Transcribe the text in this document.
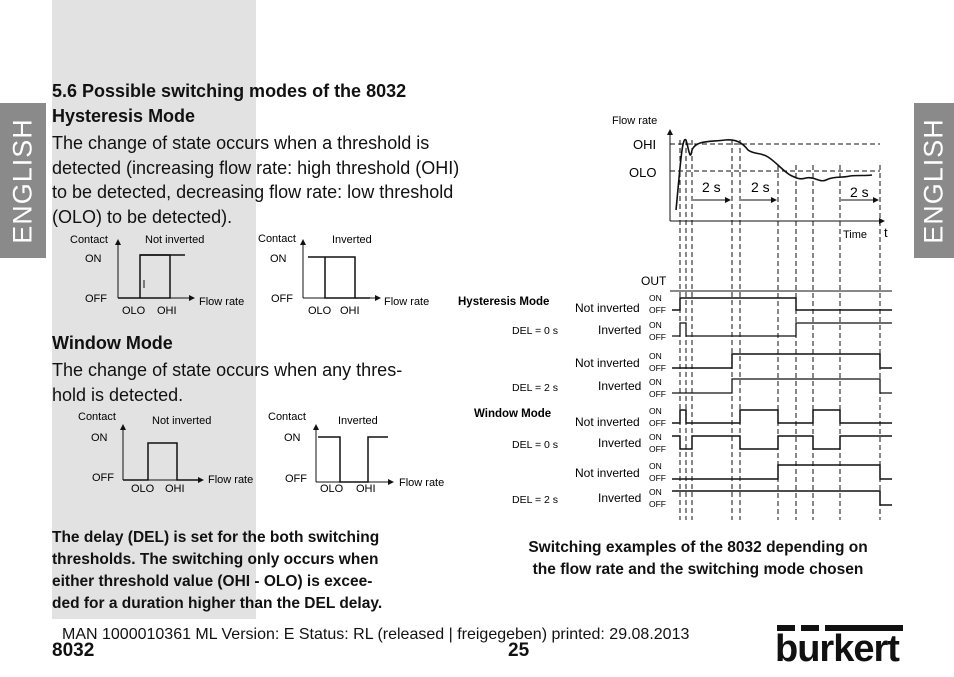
ENGLISH	ENGLISH
5.6 Possible switching modes of the 8032
Hysteresis Mode
The change of state occurs when a threshold is
detected (increasing flow rate: high threshold (OHI)
to be detected, decreasing flow rate: low threshold
(OLO) to be detected).
Window Mode
The change of state occurs when any thres-
hold is detected.
The delay (DEL) is set for the both switching
thresholds. The switching only occurs when
either threshold value (OHI - OLO) is excee-
ded for a duration higher than the DEL delay.
Switching examples of the 8032 depending on
the flow rate and the switching mode chosen
Contact	Not inverted
ON
OFF
OLO OHI
Flow rate
Contact	Inverted
ON
OFF
OLO OHI
Flow rate
Contact	Not inverted
ON
OFF
OLO OHI
Flow rate
Contact	Inverted
ON
OFF
OLO OHI Flow rate
Flow rate
OHI
OLO
2 s 2 s	2 s
Time t
OUT
Hysteresis Mode
Window Mode
Not inverted
Inverted
Not inverted
Inverted
Not inverted
Inverted
Not inverted
Inverted
DEL = 0 s
DEL = 2 s
DEL = 0 s
DEL = 2 s
ON
OFF
ON
OFF
ON
OFF
ON
OFF
ON
OFF
ON
OFF
ON
OFF
ON
OFF
MAN 1000010361 ML Version: E Status: RL (released | freigegeben) printed: 29.08.2013
8032	25	burkert
